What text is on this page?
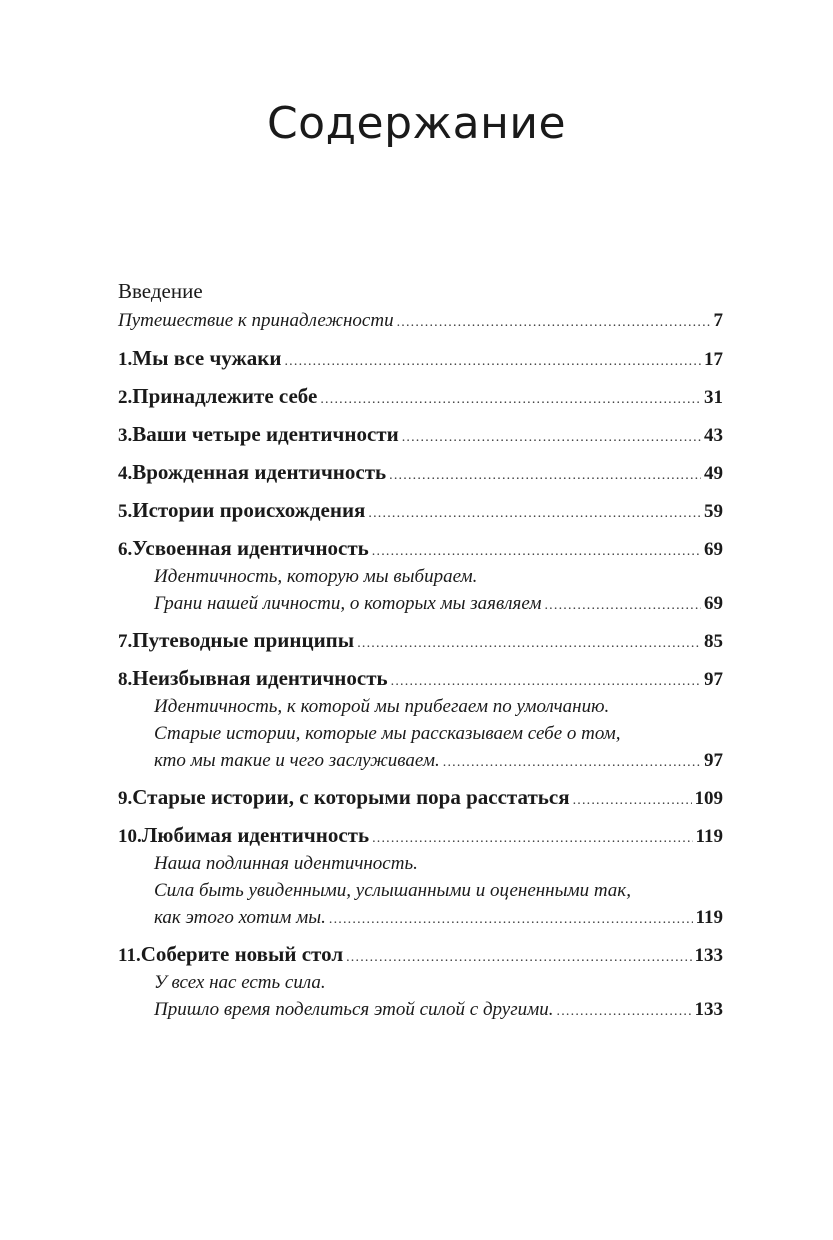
Содержание
Введение
Путешествие к принадлежности .....	7
1. Мы все чужаки .....	17
2. Принадлежите себе .....	31
3. Ваши четыре идентичности .....	43
4. Врожденная идентичность .....	49
5. Истории происхождения .....	59
6. Усвоенная идентичность .....	69
Идентичность, которую мы выбираем.
Грани нашей личности, о которых мы заявляем .....	69
7. Путеводные принципы .....	85
8. Неизбывная идентичность .....	97
Идентичность, к которой мы прибегаем по умолчанию.
Старые истории, которые мы рассказываем себе о том,
кто мы такие и чего заслуживаем. .....	97
9. Старые истории, с которыми пора расстаться .....	109
10. Любимая идентичность .....	119
Наша подлинная идентичность.
Сила быть увиденными, услышанными и оцененными так,
как этого хотим мы. .....	119
11. Соберите новый стол .....	133
У всех нас есть сила.
Пришло время поделиться этой силой с другими. .....	133
